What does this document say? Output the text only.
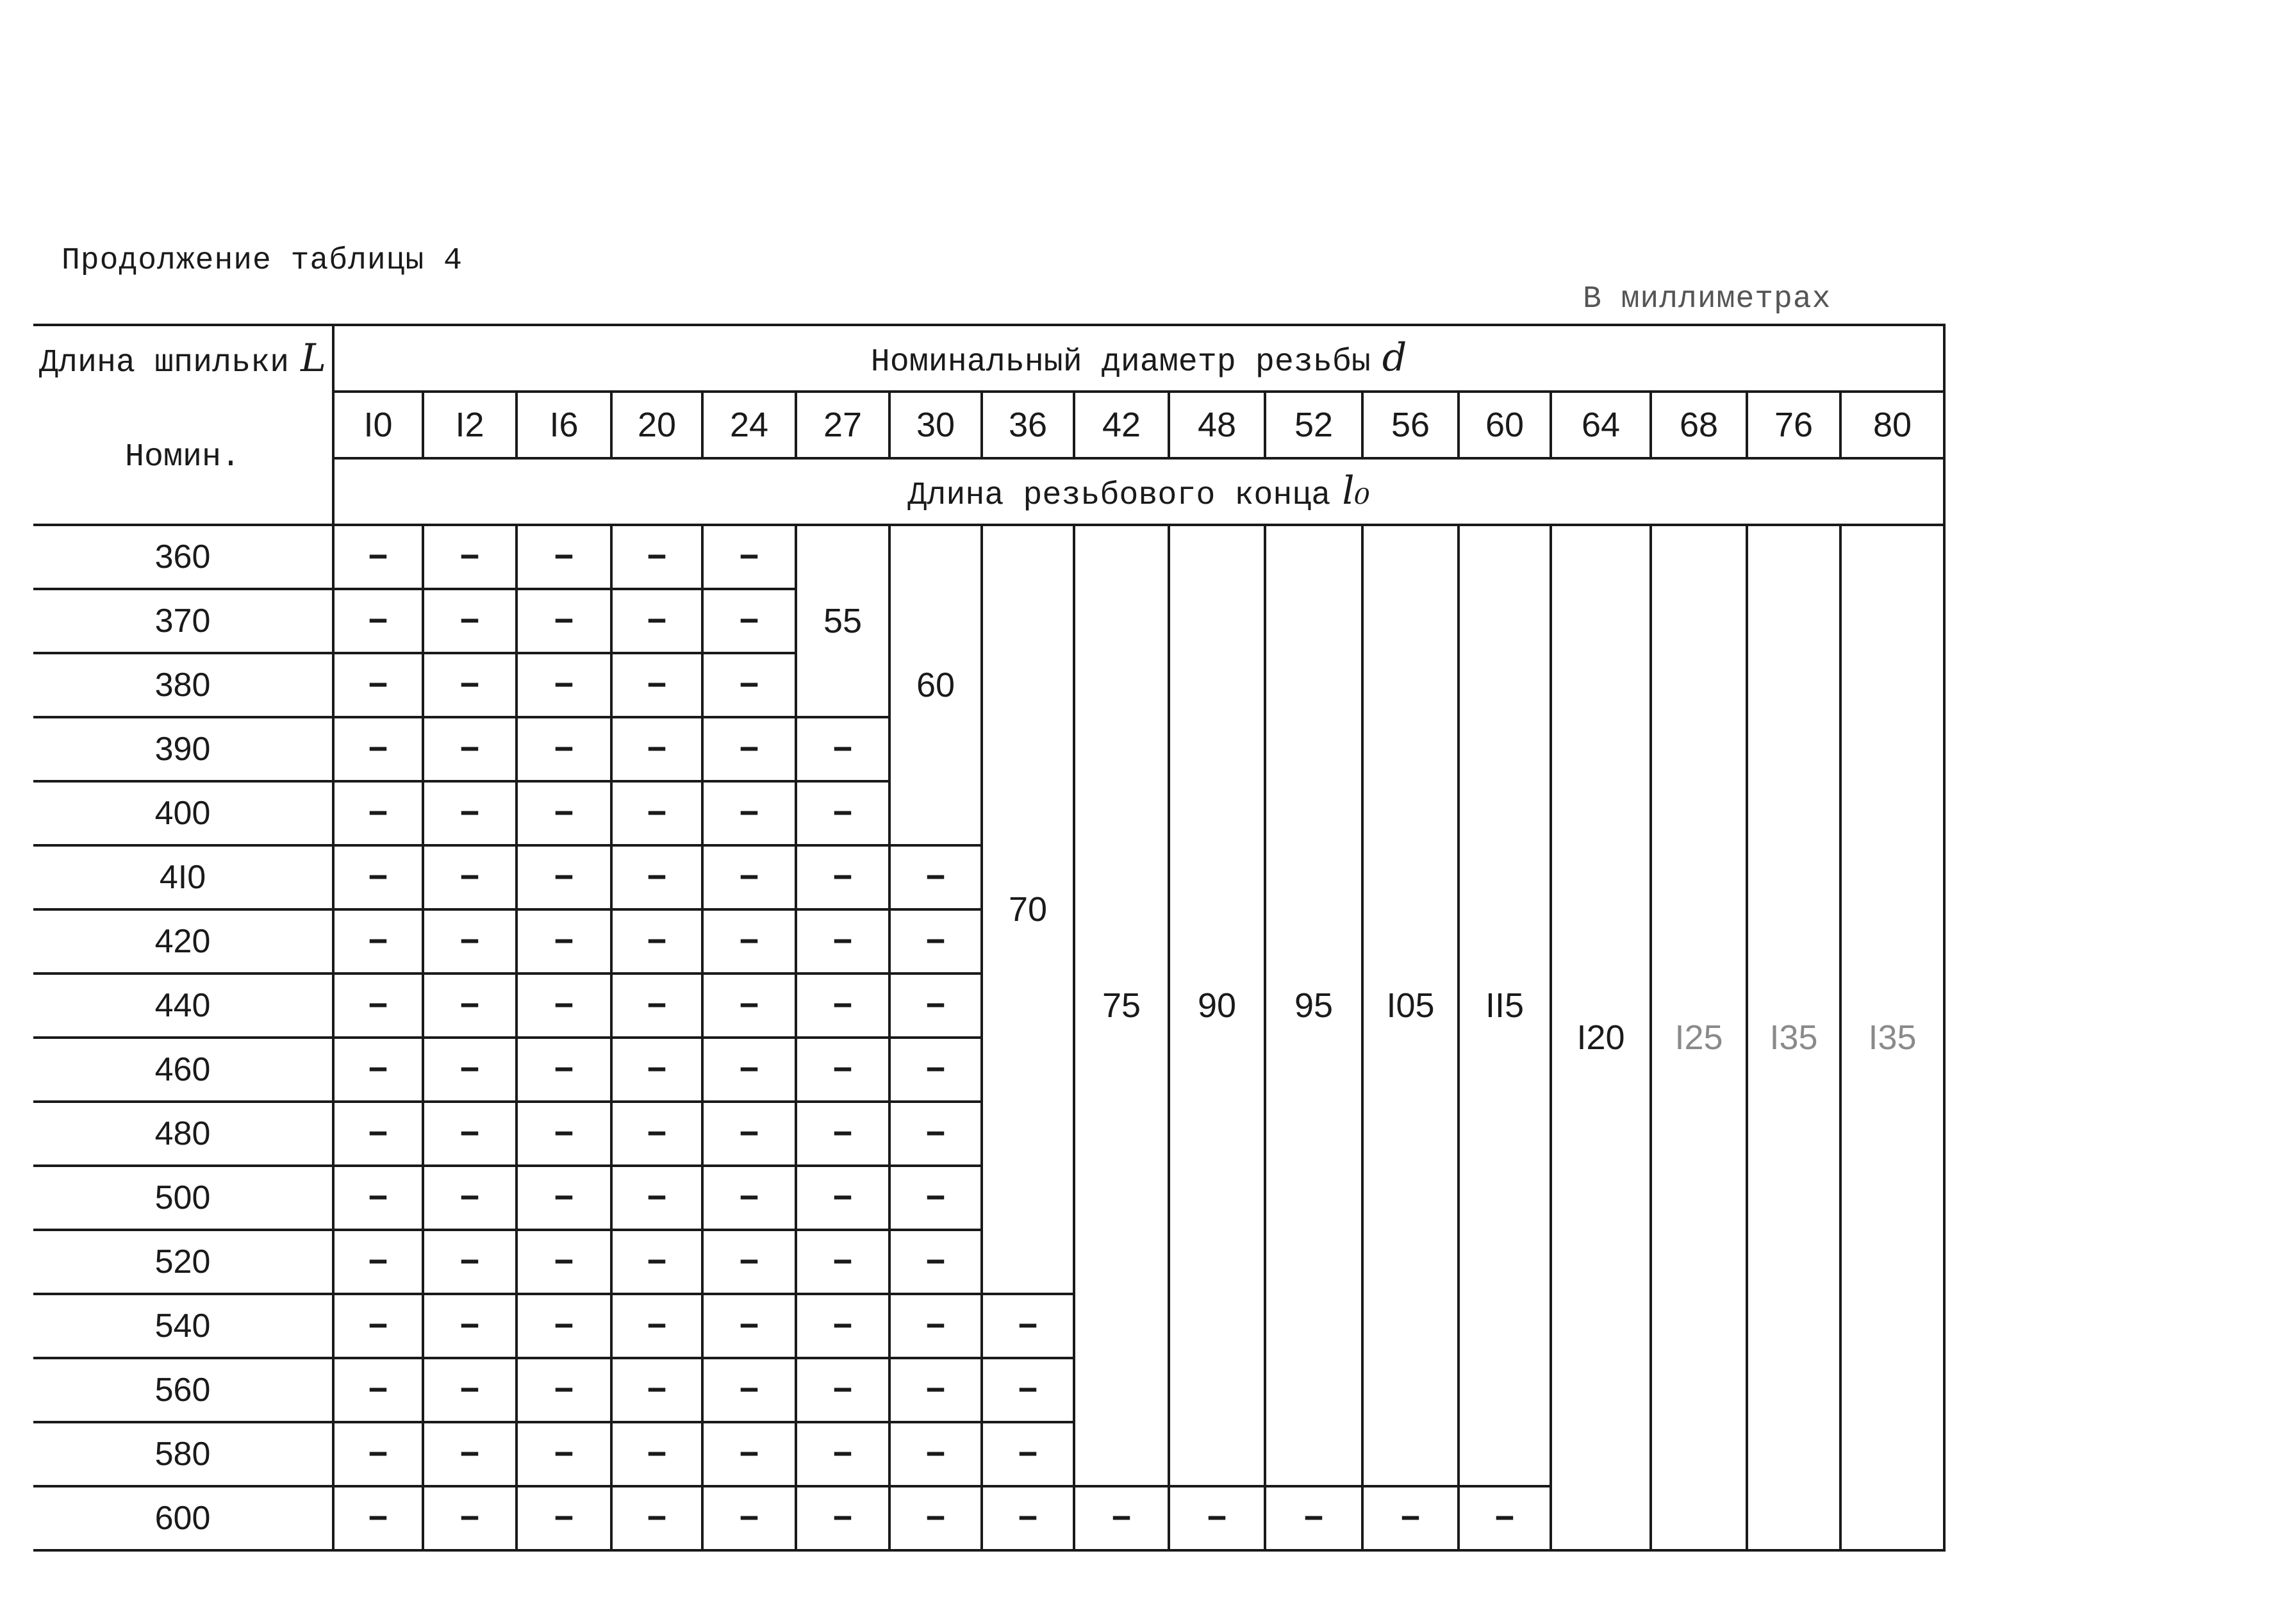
Продолжение таблицы 4
В миллиметрах
Длина шпильки L	Номинальный диаметр резьбы d																
Номин.	I0	I2	I6	20	24	27	30	36	42	48	52	56	60	64	68	76	80
	Длина резьбового конца l₀																
360	–	–	–	–	–	55	60	70	75	90	95	I05	II5	I20	I25	I35	I35
370	–	–	–	–	–												
380	–	–	–	–	–												
390	–	–	–	–	–	–											
400	–	–	–	–	–	–											
4I0	–	–	–	–	–	–	–										
420	–	–	–	–	–	–	–										
440	–	–	–	–	–	–	–										
460	–	–	–	–	–	–	–										
480	–	–	–	–	–	–	–										
500	–	–	–	–	–	–	–										
520	–	–	–	–	–	–	–										
540	–	–	–	–	–	–	–	–									
560	–	–	–	–	–	–	–	–									
580	–	–	–	–	–	–	–	–									
600	–	–	–	–	–	–	–	–	–	–	–	–	–				
